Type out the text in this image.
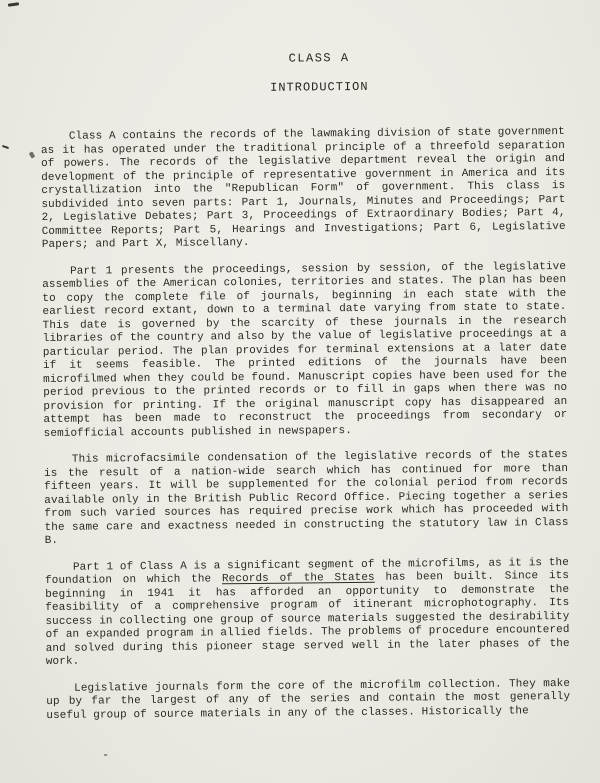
CLASS A
INTRODUCTION

Class A contains the records of the lawmaking division of state government as it has operated under the traditional principle of a threefold separation of powers. The records of the legislative department reveal the origin and development of the principle of representative government in America and its crystallization into the "Republican Form" of government. This class is subdivided into seven parts: Part 1, Journals, Minutes and Proceedings; Part 2, Legislative Debates; Part 3, Proceedings of Extraordinary Bodies; Part 4, Committee Reports; Part 5, Hearings and Investigations; Part 6, Legislative Papers; and Part X, Miscellany.

Part 1 presents the proceedings, session by session, of the legislative assemblies of the American colonies, territories and states. The plan has been to copy the complete file of journals, beginning in each state with the earliest record extant, down to a terminal date varying from state to state. This date is governed by the scarcity of these journals in the research libraries of the country and also by the value of legislative proceedings at a particular period. The plan provides for terminal extensions at a later date if it seems feasible. The printed editions of the journals have been microfilmed when they could be found. Manuscript copies have been used for the period previous to the printed records or to fill in gaps when there was no provision for printing. If the original manuscript copy has disappeared an attempt has been made to reconstruct the proceedings from secondary or semiofficial accounts published in newspapers.

This microfacsimile condensation of the legislative records of the states is the result of a nation-wide search which has continued for more than fifteen years. It will be supplemented for the colonial period from records available only in the British Public Record Office. Piecing together a series from such varied sources has required precise work which has proceeded with the same care and exactness needed in constructing the statutory law in Class B.

Part 1 of Class A is a significant segment of the microfilms, as it is the foundation on which the Records of the States has been built. Since its beginning in 1941 it has afforded an opportunity to demonstrate the feasibility of a comprehensive program of itinerant microphotography. Its success in collecting one group of source materials suggested the desirability of an expanded program in allied fields. The problems of procedure encountered and solved during this pioneer stage served well in the later phases of the work.

Legislative journals form the core of the microfilm collection. They make up by far the largest of any of the series and contain the most generally useful group of source materials in any of the classes. Historically the

-
